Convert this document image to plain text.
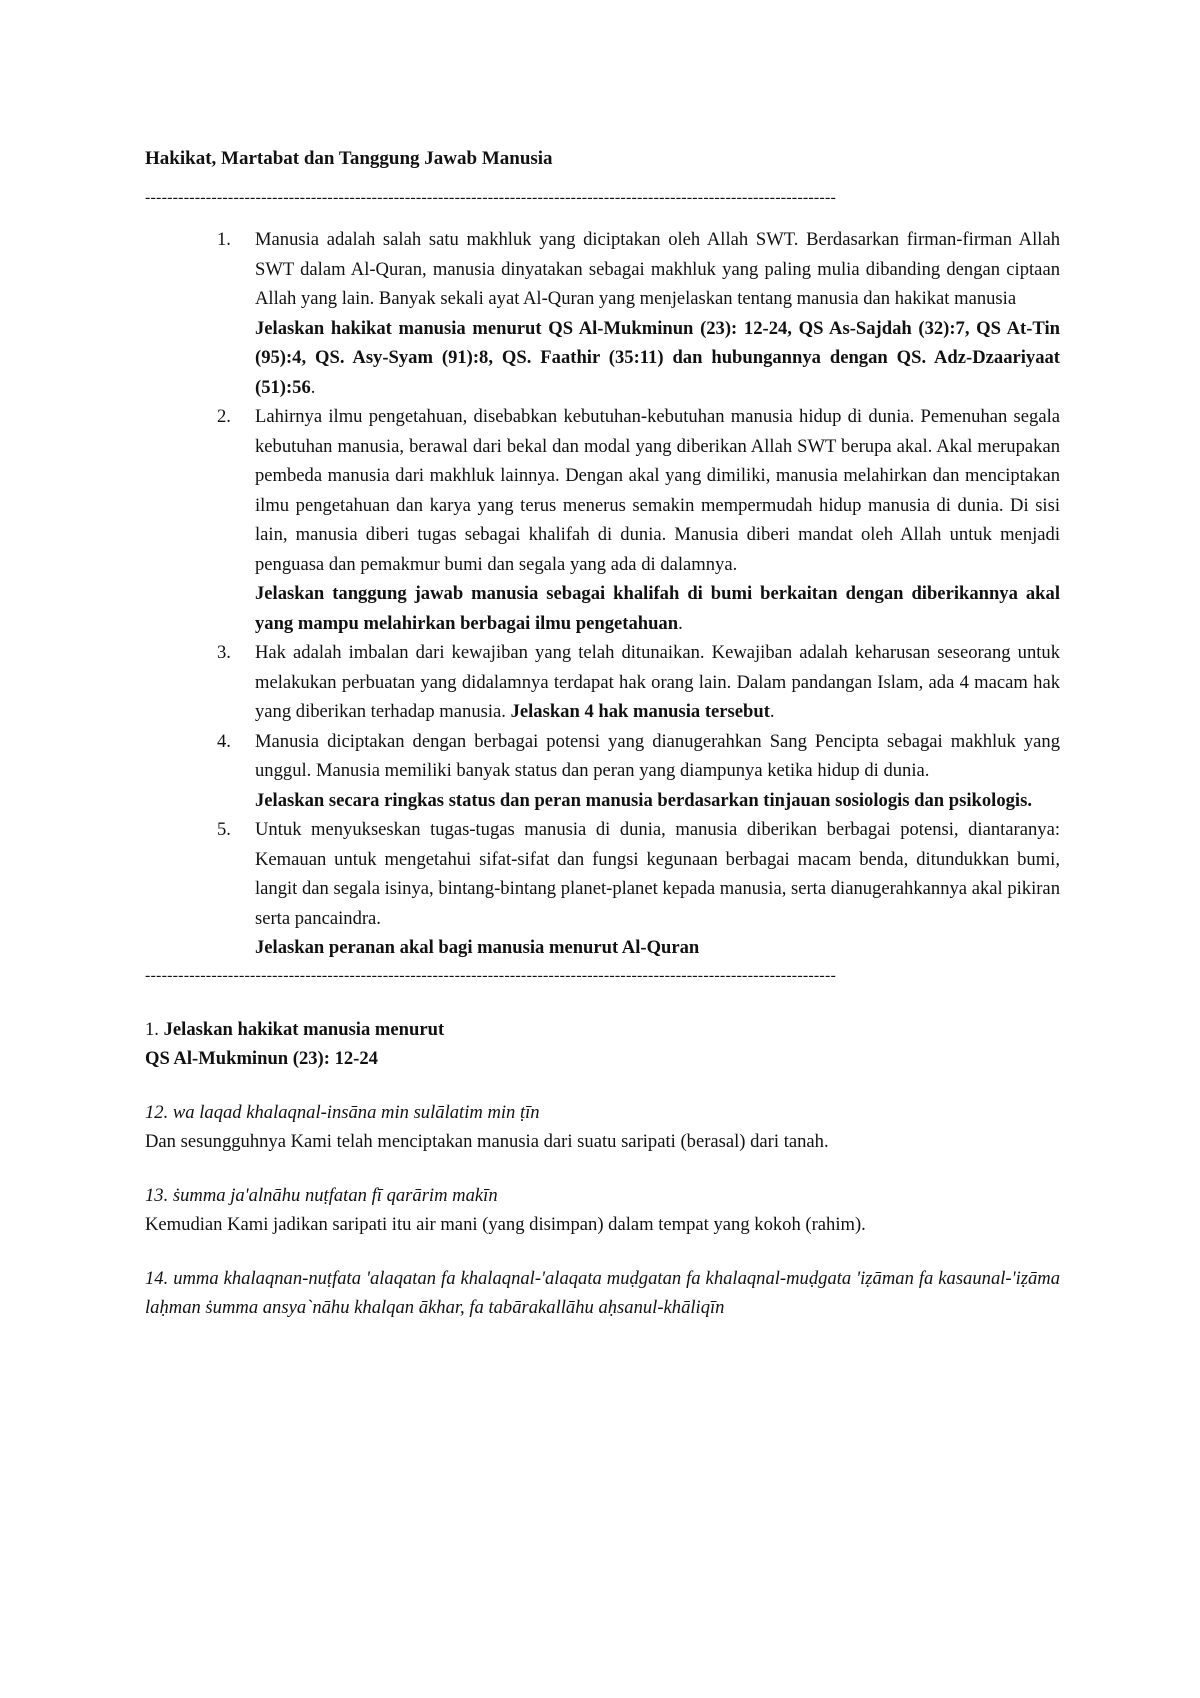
Hakikat, Martabat dan Tanggung Jawab Manusia
-----------------------------------------------------------------------------------------------------------------------------
1. Manusia adalah salah satu makhluk yang diciptakan oleh Allah SWT. Berdasarkan firman-firman Allah SWT dalam Al-Quran, manusia dinyatakan sebagai makhluk yang paling mulia dibanding dengan ciptaan Allah yang lain. Banyak sekali ayat Al-Quran yang menjelaskan tentang manusia dan hakikat manusia
Jelaskan hakikat manusia menurut QS Al-Mukminun (23): 12-24, QS As-Sajdah (32):7, QS At-Tin (95):4, QS. Asy-Syam (91):8, QS. Faathir (35:11) dan hubungannya dengan QS. Adz-Dzaariyaat (51):56.
2. Lahirnya ilmu pengetahuan, disebabkan kebutuhan-kebutuhan manusia hidup di dunia. Pemenuhan segala kebutuhan manusia, berawal dari bekal dan modal yang diberikan Allah SWT berupa akal. Akal merupakan pembeda manusia dari makhluk lainnya. Dengan akal yang dimiliki, manusia melahirkan dan menciptakan ilmu pengetahuan dan karya yang terus menerus semakin mempermudah hidup manusia di dunia. Di sisi lain, manusia diberi tugas sebagai khalifah di dunia. Manusia diberi mandat oleh Allah untuk menjadi penguasa dan pemakmur bumi dan segala yang ada di dalamnya.
Jelaskan tanggung jawab manusia sebagai khalifah di bumi berkaitan dengan diberikannya akal yang mampu melahirkan berbagai ilmu pengetahuan.
3. Hak adalah imbalan dari kewajiban yang telah ditunaikan. Kewajiban adalah keharusan seseorang untuk melakukan perbuatan yang didalamnya terdapat hak orang lain. Dalam pandangan Islam, ada 4 macam hak yang diberikan terhadap manusia. Jelaskan 4 hak manusia tersebut.
4. Manusia diciptakan dengan berbagai potensi yang dianugerahkan Sang Pencipta sebagai makhluk yang unggul. Manusia memiliki banyak status dan peran yang diampunya ketika hidup di dunia.
Jelaskan secara ringkas status dan peran manusia berdasarkan tinjauan sosiologis dan psikologis.
5. Untuk menyukseskan tugas-tugas manusia di dunia, manusia diberikan berbagai potensi, diantaranya: Kemauan untuk mengetahui sifat-sifat dan fungsi kegunaan berbagai macam benda, ditundukkan bumi, langit dan segala isinya, bintang-bintang planet-planet kepada manusia, serta dianugerahkannya akal pikiran serta pancaindra.
Jelaskan peranan akal bagi manusia menurut Al-Quran
-----------------------------------------------------------------------------------------------------------------------------
1. Jelaskan hakikat manusia menurut
QS Al-Mukminun (23): 12-24
12. wa laqad khalaqnal-insāna min sulālatim min ṭīn
Dan sesungguhnya Kami telah menciptakan manusia dari suatu saripati (berasal) dari tanah.
13. ṡumma ja'alnāhu nuṭfatan fī qarārim makīn
Kemudian Kami jadikan saripati itu air mani (yang disimpan) dalam tempat yang kokoh (rahim).
14. umma khalaqnan-nuṭfata 'alaqatan fa khalaqnal-'alaqata muḍgatan fa khalaqnal-muḍgata 'iẓāman fa kasaunal-'iẓāma laḥman ṡumma ansya`nāhu khalqan ākhar, fa tabārakallāhu aḥsanul-khāliqīn
